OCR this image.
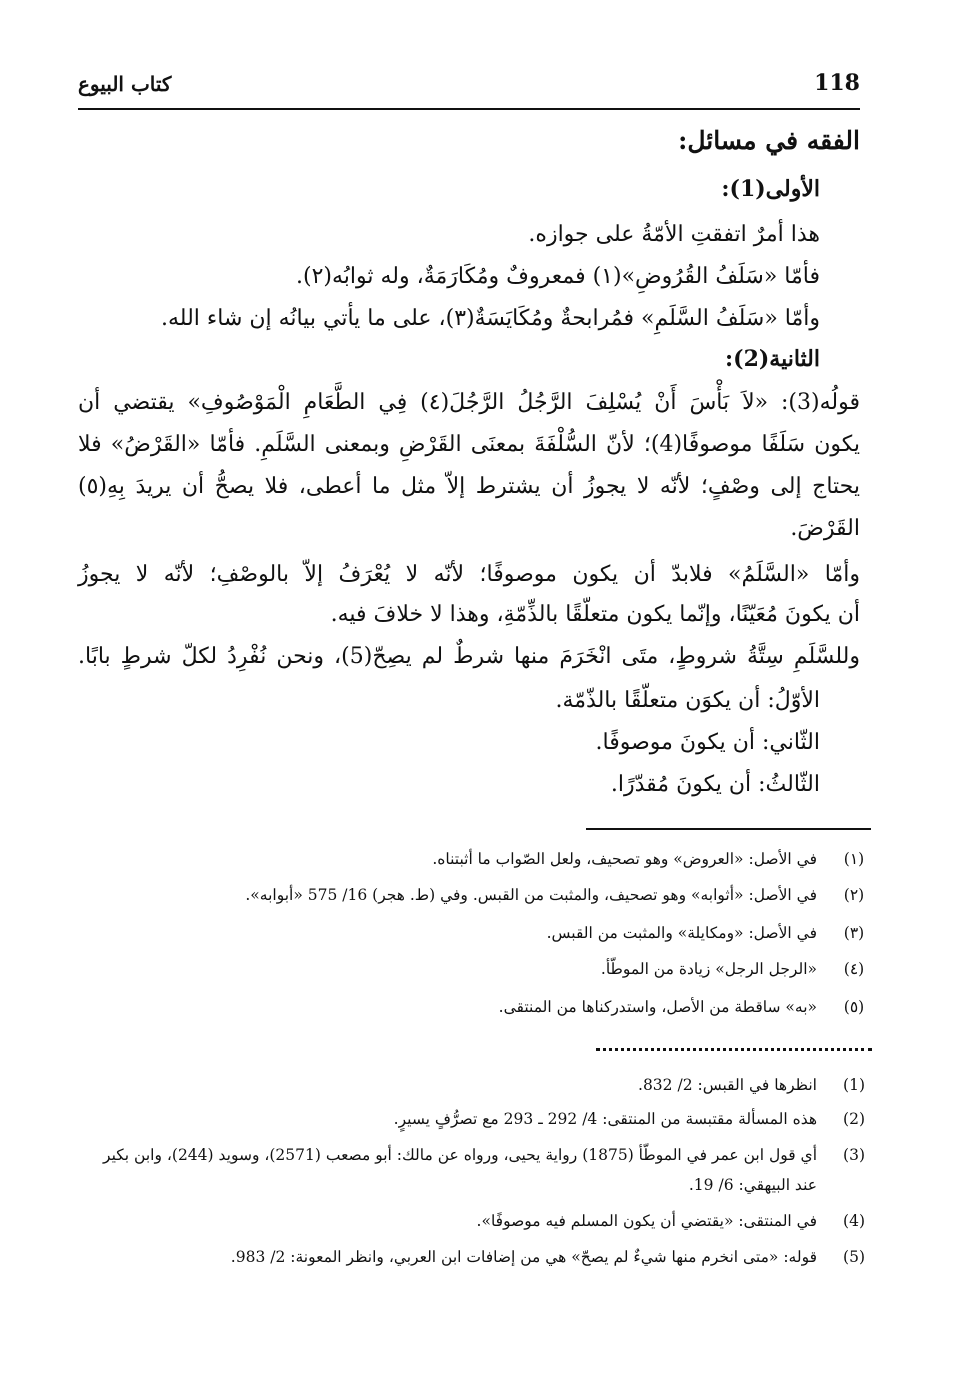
118
كتاب البيوع
الفقه في مسائل:
الأولى(1):
هذا أمرٌ اتفقتِ الأمّةُ على جوازه.
فأمّا «سَلَفُ القُرُوضِ»(١) فمعروفٌ ومُكَارَمَةٌ، وله ثوابُه(٢).
وأمّا «سَلَفُ السَّلَمِ» فمُرابحةٌ ومُكَايَسَةٌ(٣)، على ما يأتي بيانُه إن شاء الله.
الثانية(2):
قولُه(3): «لاَ بَأْسَ أَنْ يُسْلِفَ الرَّجُلُ الرَّجُلَ(٤) فِي الطَّعَامِ الْمَوْصُوفِ» يقتضي أن
يكون سَلَفًا موصوفًا(4)؛ لأنّ السُّلْفَةَ بمعنَى القَرْضِ وبمعنى السَّلَمِ. فأمّا «القَرْضُ» فلا
يحتاج إلى وصْفٍ؛ لأنّه لا يجوزُ أن يشترط إلاّ مثل ما أعطى، فلا يصحُّ أن يريدَ بِهِ(٥)
القَرْضَ.
وأمّا «السَّلَمُ» فلابدّ أن يكون موصوفًا؛ لأنّه لا يُعْرَفُ إلاّ بالوصْفِ؛ لأنّه لا يجوزُ
أن يكونَ مُعَيّنًا، وإنّما يكون متعلّقًا بالذِّمّةِ، وهذا لا خلافَ فيه.
وللسَّلَمِ سِتَّةُ شروطٍ، متَى انْخَرَمَ منها شرطٌ لم يصِحّ(5)، ونحن نُفْرِدُ لكلّ شرطٍ بابًا.
الأوّلُ: أن يكوَن متعلّقًا بالذّمّة.
الثّاني: أن يكونَ موصوفًا.
الثّالثُ: أن يكونَ مُقدّرًا.
(١)
في الأصل: «العروض» وهو تصحيف، ولعل الصّواب ما أثبتناه.
(٢)
في الأصل: «أثوابه» وهو تصحيف، والمثبت من القبس. وفي (ط. هجر) 16/ 575 «أبوابه».
(٣)
في الأصل: «ومكايلة» والمثبت من القبس.
(٤)
«الرجل الرجل» زيادة من الموطّأ.
(٥)
«به» ساقطة من الأصل، واستدركناها من المنتقى.
(1)
انظرها في القبس: 2/ 832.
(2)
هذه المسألة مقتبسة من المنتقى: 4/ 292 ـ 293 مع تصرُّفٍ يسيرٍ.
(3)
أي قول ابن عمر في الموطّأ (1875) رواية يحيى، ورواه عن مالك: أبو مصعب (2571)، وسويد (244)، وابن بكير عند البيهقي: 6/ 19.
(4)
في المنتقى: «يقتضي أن يكون المسلم فيه موصوفًا».
(5)
قوله: «متى انخرم منها شيءٌ لم يصحّ» هي من إضافات ابن العربي، وانظر المعونة: 2/ 983.
